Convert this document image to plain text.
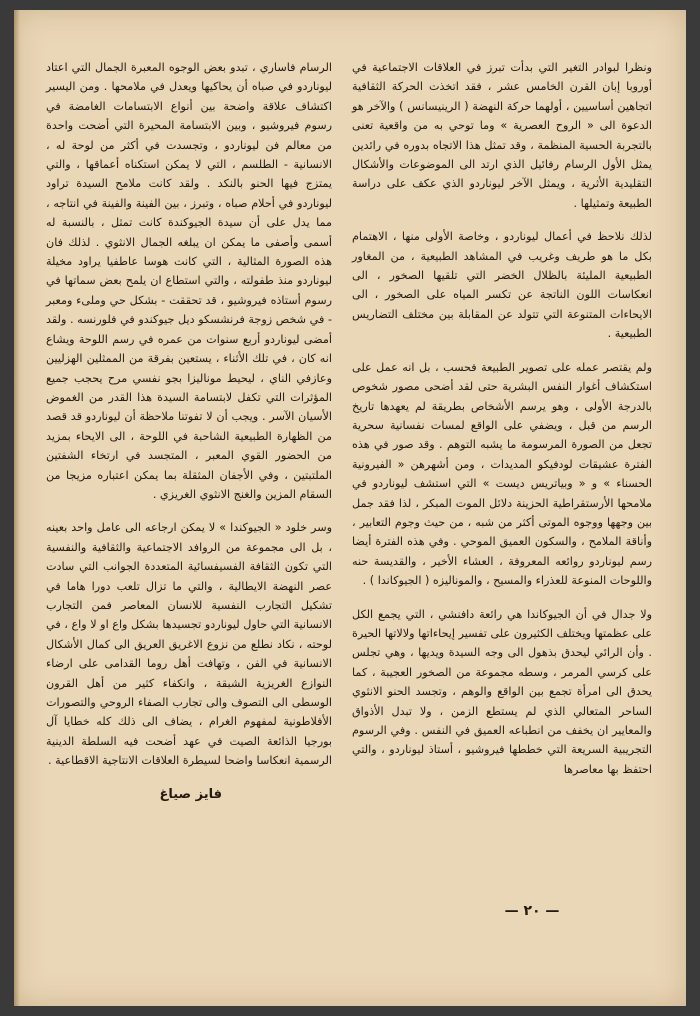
ونظرا لبوادر التغير التي بدأت تبرز في العلاقات الاجتماعية في أوروبا إبان القرن الخامس عشر ، فقد اتخذت الحركة الثقافية اتجاهين أساسيين ، أولهما حركة النهضة ( الرينيسانس ) والآخر هو الدعوة الى « الروح العصرية » وما توحي به من واقعية تعنى بالتجربة الحسية المنظمة ، وقد تمثل هذا الاتجاه بدوره في رائدين يمثل الأول الرسام رفائيل الذي ارتد الى الموضوعات والأشكال التقليدية الأثرية ، ويمثل الآخر ليوناردو الذي عكف على دراسة الطبيعة وتمثيلها .

لذلك نلاحظ في أعمال ليوناردو ، وخاصة الأولى منها ، الاهتمام بكل ما هو طريف وغريب في المشاهد الطبيعية ، من المغاور الطبيعية المليئة بالظلال الخضر التي تلقيها الصخور ، الى انعكاسات اللون الناتجة عن تكسر المياه على الصخور ، الى الايحاءات المتنوعة التي تتولد عن المقابلة بين مختلف التضاريس الطبيعية .

ولم يقتصر عمله على تصوير الطبيعة فحسب ، بل انه عمل على استكشاف أغوار النفس البشرية حتى لقد أضحى مصور شخوص بالدرجة الأولى ، وهو يرسم الأشخاص بطريقة لم يعهدها تاريخ الرسم من قبل ، ويضفي على الواقع لمسات نفسانية سحرية تجعل من الصورة المرسومة ما يشبه التوهم . وقد صور في هذه الفترة عشيقات لودفيكو المديدات ، ومن أشهرهن « الفيرونية الحسناء » و « وبياتريس ديست » التي استشف ليوناردو في ملامحها الأرستقراطية الحزينة دلائل الموت المبكر ، لذا فقد جمل بين وجهها ووجوه الموتى أكثر من شبه ، من حيث وجوم التعابير ، وأناقة الملامح ، والسكون العميق الموحي . وفي هذه الفترة أيضا رسم ليوناردو روائعه المعروفة ، العشاء الأخير ، والقديسة حنه واللوحات المنوعة للعذراء والمسيح ، والموناليزه ( الجيوكاندا ) .

ولا جدال في أن الجيوكاندا هي رائعة دافنشي ، التي يجمع الكل على عظمتها ويختلف الكثيرون على تفسير إيحاءاتها ولالاتها الحيرة . وأن الرائي ليحدق بذهول الى وجه السيدة ويديها ، وهي تجلس على كرسي المرمر ، وسطه مجموعة من الصخور العجيبة ، كما يحدق الى امرأة تجمع بين الواقع والوهم ، وتجسد الحنو الانثوي الساحر المتعالي الذي لم يستطع الزمن ، ولا تبدل الأذواق والمعايير ان يخفف من انطباعه العميق في النفس . وفي الرسوم التجريبية السريعة التي خططها فيروشيو ، أستاذ ليوناردو ، والتي احتفظ بها معاصرها

الرسام فاساري ، تبدو بعض الوجوه المعبرة الجمال التي اعتاد ليوناردو في صباه أن يحاكيها ويعدل في ملامحها . ومن اليسير اكتشاف علاقة واضحة بين أنواع الابتسامات الغامضة في رسوم فيروشيو ، وبين الابتسامة المحيرة التي أضحت واحدة من معالم فن ليوناردو ، وتجسدت في أكثر من لوحة له ، الانسانية - الطلسم ، التي لا يمكن استكناه أعماقها ، والتي يمتزج فيها الحنو بالنكد . ولقد كانت ملامح السيدة تراود ليوناردو في أحلام صباه ، وتبرز ، بين الفينة والفينة في انتاجه ، مما يدل على أن سيدة الجيوكندة كانت تمثل ، بالنسبة له أسمى وأصفى ما يمكن ان يبلغه الجمال الانثوي . لذلك فان هذه الصورة المثالية ، التي كانت هوسا عاطفيا يراود مخيلة ليوناردو منذ طفولته ، والتي استطاع ان يلمح بعض سماتها في رسوم أستاذه فيروشيو ، قد تحققت - بشكل حي وملىء ومعبر - في شخص زوجة فرنشسكو ديل جيوكندو في فلورنسه . ولقد أمضى ليوناردو أربع سنوات من عمره في رسم اللوحة ويشاع انه كان ، في تلك الأثناء ، يستعين بفرقة من الممثلين الهزليين وعازفي الناي ، ليحيط موناليزا بجو نفسي مرح يحجب جميع المؤثرات التي تكفل لابتسامة السيدة هذا القدر من الغموض الأسيان الآسر . ويجب أن لا تفوتنا ملاحظة أن ليوناردو قد قصد من الظهارة الطبيعية الشاحبة في اللوحة ، الى الايحاء بمزيد من الحضور القوي المعبر ، المتجسد في ارتخاء الشفتين الملتبتين ، وفي الأجفان المثقلة بما يمكن اعتباره مزيجا من السقام المزين والغنج الانثوي الغريزي .

وسر خلود « الجيوكندا » لا يمكن ارجاعه الى عامل واحد بعينه ، بل الى مجموعة من الروافد الاجتماعية والثقافية والنفسية التي تكون الثقافة الفسيفسائية المتعددة الجوانب التي سادت عصر النهضة الايطالية ، والتي ما تزال تلعب دورا هاما في تشكيل التجارب النفسية للانسان المعاصر فمن التجارب الانسانية التي حاول ليوناردو تجسيدها بشكل واع او لا واع ، في لوحته ، نكاد نطلع من نزوع الاغريق العريق الى كمال الأشكال الانسانية في الفن ، وتهافت أهل روما القدامى على ارضاء النوازع الغريزية الشبقة ، وانكفاء كثير من أهل القرون الوسطى الى التصوف والى تجارب الصفاء الروحي والتصورات الأفلاطونية لمفهوم الغرام ، يضاف الى ذلك كله خطايا آل بورجيا الذائعة الصيت في عهد أضحت فيه السلطة الدينية الرسمية انعكاسا واضحا لسيطرة العلاقات الانتاجية الاقطاعية .

فايز صياغ
— ٢٠ —
